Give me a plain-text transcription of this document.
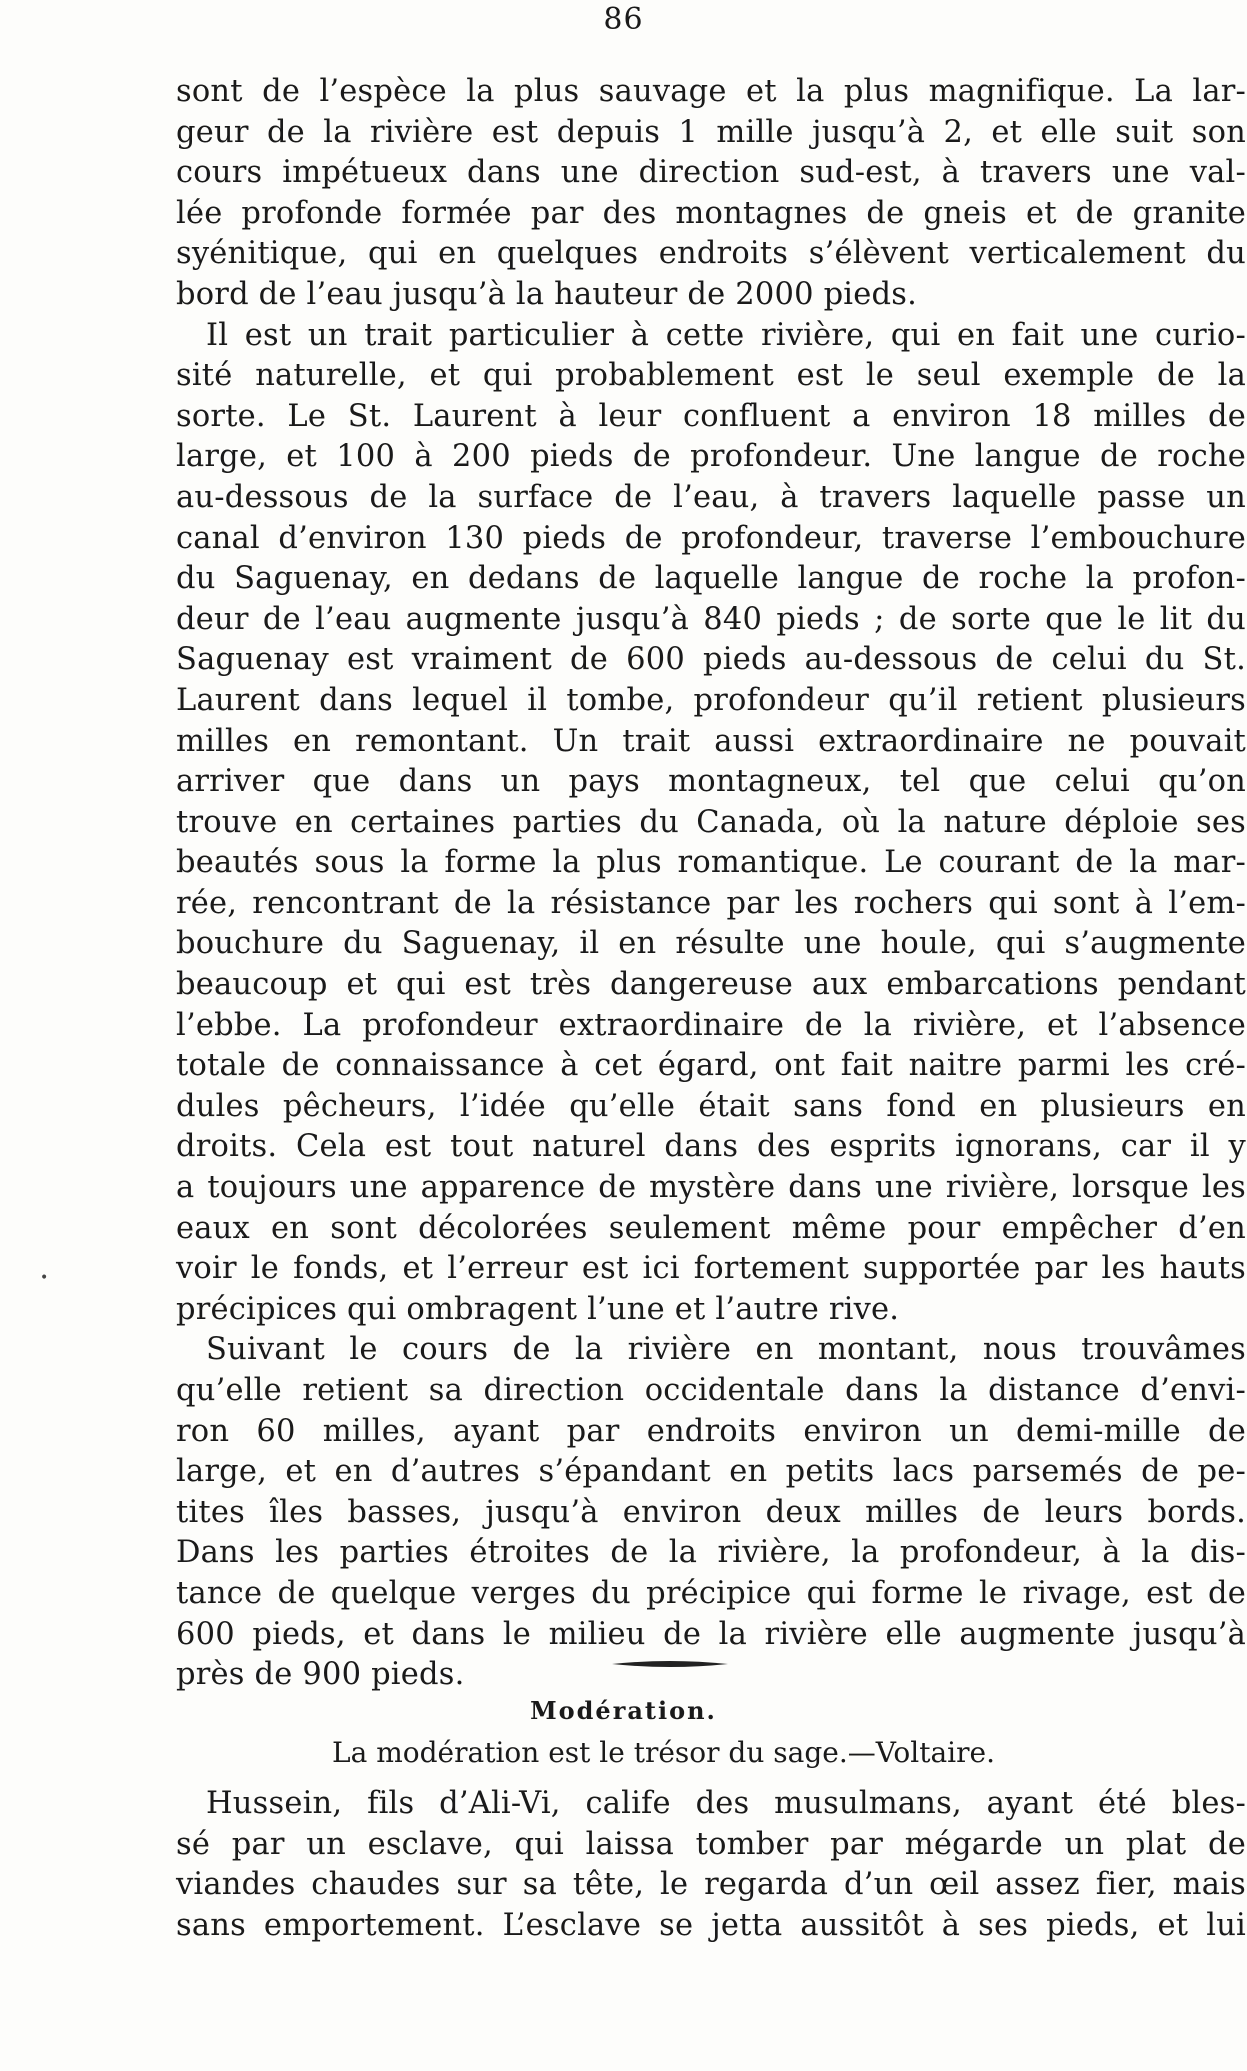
86
sont de l’espèce la plus sauvage et la plus magnifique. La lar-
geur de la rivière est depuis 1 mille jusqu’à 2, et elle suit son
cours impétueux dans une direction sud-est, à travers une val-
lée profonde formée par des montagnes de gneis et de granite
syénitique, qui en quelques endroits s’élèvent verticalement du
bord de l’eau jusqu’à la hauteur de 2000 pieds.
Il est un trait particulier à cette rivière, qui en fait une curio-
sité naturelle, et qui probablement est le seul exemple de la
sorte. Le St. Laurent à leur confluent a environ 18 milles de
large, et 100 à 200 pieds de profondeur. Une langue de roche
au-dessous de la surface de l’eau, à travers laquelle passe un
canal d’environ 130 pieds de profondeur, traverse l’embouchure
du Saguenay, en dedans de laquelle langue de roche la profon-
deur de l’eau augmente jusqu’à 840 pieds ; de sorte que le lit du
Saguenay est vraiment de 600 pieds au-dessous de celui du St.
Laurent dans lequel il tombe, profondeur qu’il retient plusieurs
milles en remontant. Un trait aussi extraordinaire ne pouvait
arriver que dans un pays montagneux, tel que celui qu’on
trouve en certaines parties du Canada, où la nature déploie ses
beautés sous la forme la plus romantique. Le courant de la mar-
rée, rencontrant de la résistance par les rochers qui sont à l’em-
bouchure du Saguenay, il en résulte une houle, qui s’augmente
beaucoup et qui est très dangereuse aux embarcations pendant
l’ebbe. La profondeur extraordinaire de la rivière, et l’absence
totale de connaissance à cet égard, ont fait naitre parmi les cré-
dules pêcheurs, l’idée qu’elle était sans fond en plusieurs en
droits. Cela est tout naturel dans des esprits ignorans, car il y
a toujours une apparence de mystère dans une rivière, lorsque les
eaux en sont décolorées seulement même pour empêcher d’en
voir le fonds, et l’erreur est ici fortement supportée par les hauts
précipices qui ombragent l’une et l’autre rive.
Suivant le cours de la rivière en montant, nous trouvâmes
qu’elle retient sa direction occidentale dans la distance d’envi-
ron 60 milles, ayant par endroits environ un demi-mille de
large, et en d’autres s’épandant en petits lacs parsemés de pe-
tites îles basses, jusqu’à environ deux milles de leurs bords.
Dans les parties étroites de la rivière, la profondeur, à la dis-
tance de quelque verges du précipice qui forme le rivage, est de
600 pieds, et dans le milieu de la rivière elle augmente jusqu’à
près de 900 pieds.
Modération.
La modération est le trésor du sage.—Voltaire.
Hussein, fils d’Ali-Vi, calife des musulmans, ayant été bles-
sé par un esclave, qui laissa tomber par mégarde un plat de
viandes chaudes sur sa tête, le regarda d’un œil assez fier, mais
sans emportement. L’esclave se jetta aussitôt à ses pieds, et lui
•
